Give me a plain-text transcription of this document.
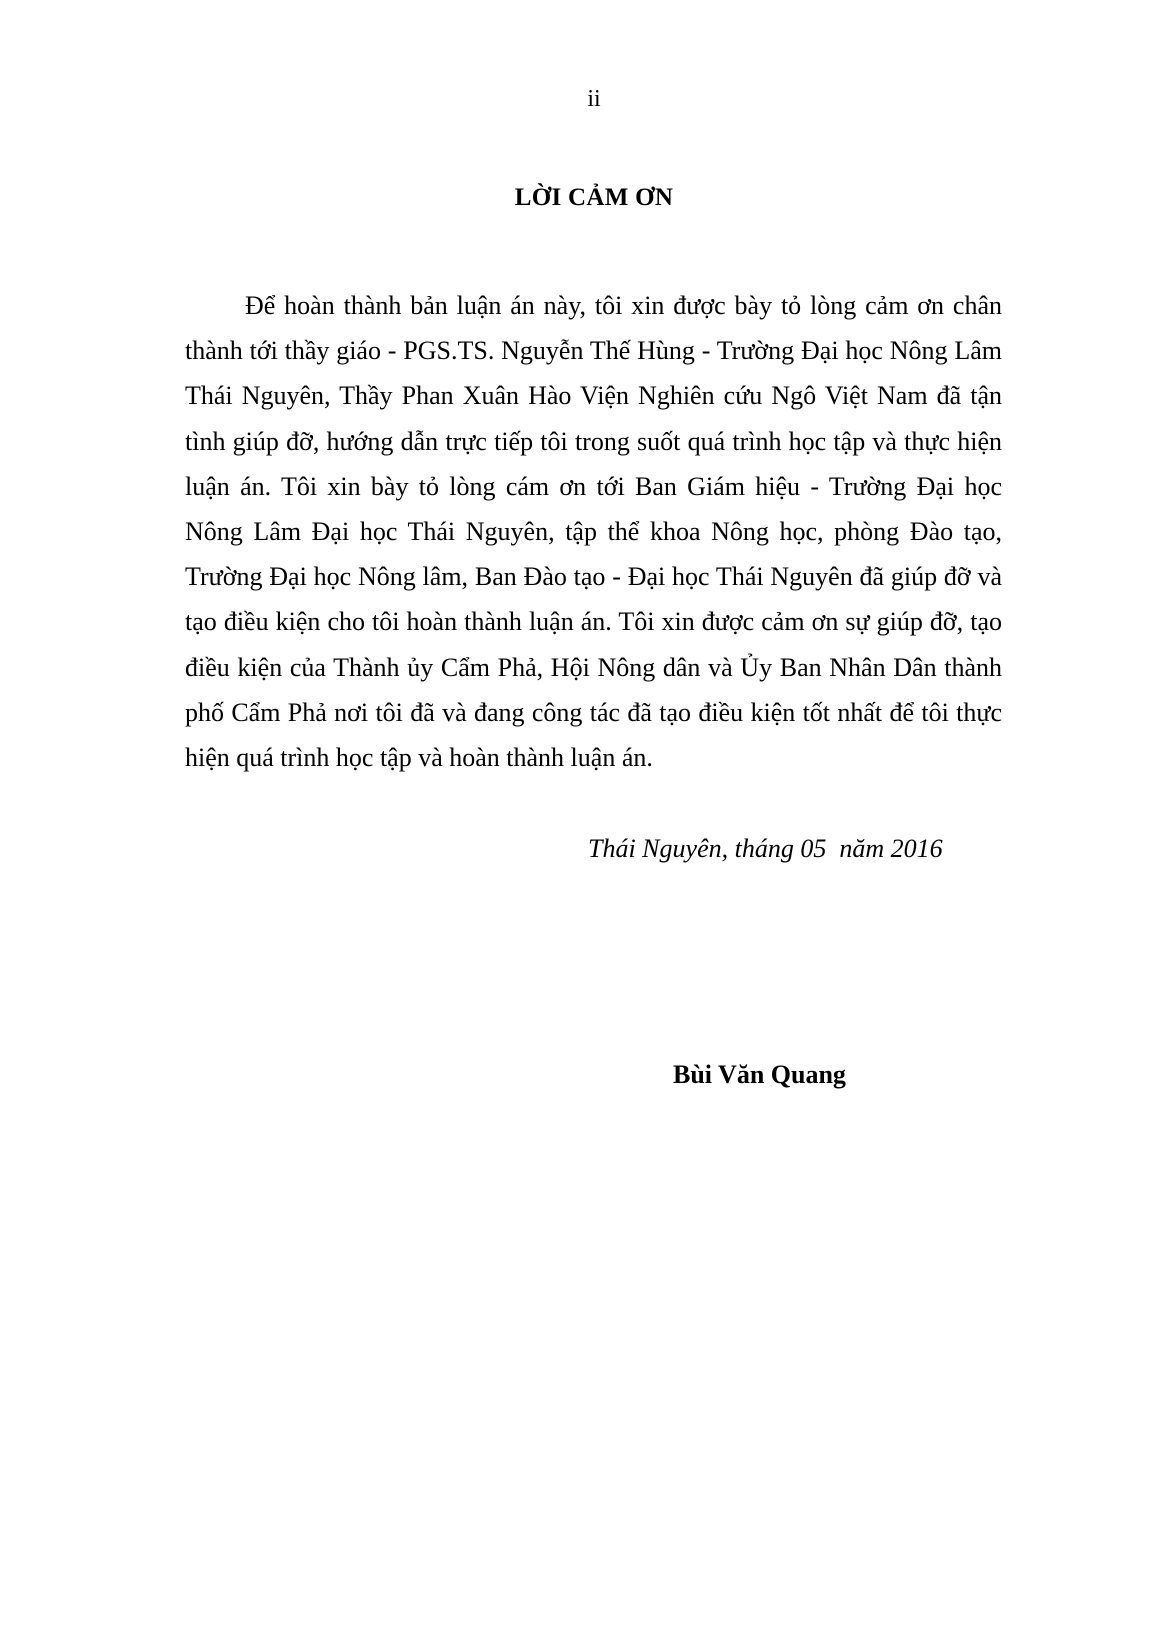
ii
LỜI CẢM ƠN

Để hoàn thành bản luận án này, tôi xin được bày tỏ lòng cảm ơn chân thành tới thầy giáo - PGS.TS. Nguyễn Thế Hùng - Trường Đại học Nông Lâm Thái Nguyên, Thầy Phan Xuân Hào Viện Nghiên cứu Ngô Việt Nam đã tận tình giúp đỡ, hướng dẫn trực tiếp tôi trong suốt quá trình học tập và thực hiện luận án. Tôi xin bày tỏ lòng cám ơn tới Ban Giám hiệu - Trường Đại học Nông Lâm Đại học Thái Nguyên, tập thể khoa Nông học, phòng Đào tạo, Trường Đại học Nông lâm, Ban Đào tạo - Đại học Thái Nguyên đã giúp đỡ và tạo điều kiện cho tôi hoàn thành luận án. Tôi xin được cảm ơn sự giúp đỡ, tạo điều kiện của Thành ủy Cẩm Phả, Hội Nông dân và Ủy Ban Nhân Dân thành phố Cẩm Phả nơi tôi đã và đang công tác đã tạo điều kiện tốt nhất để tôi thực hiện quá trình học tập và hoàn thành luận án.

Thái Nguyên, tháng 05  năm 2016
Bùi Văn Quang
